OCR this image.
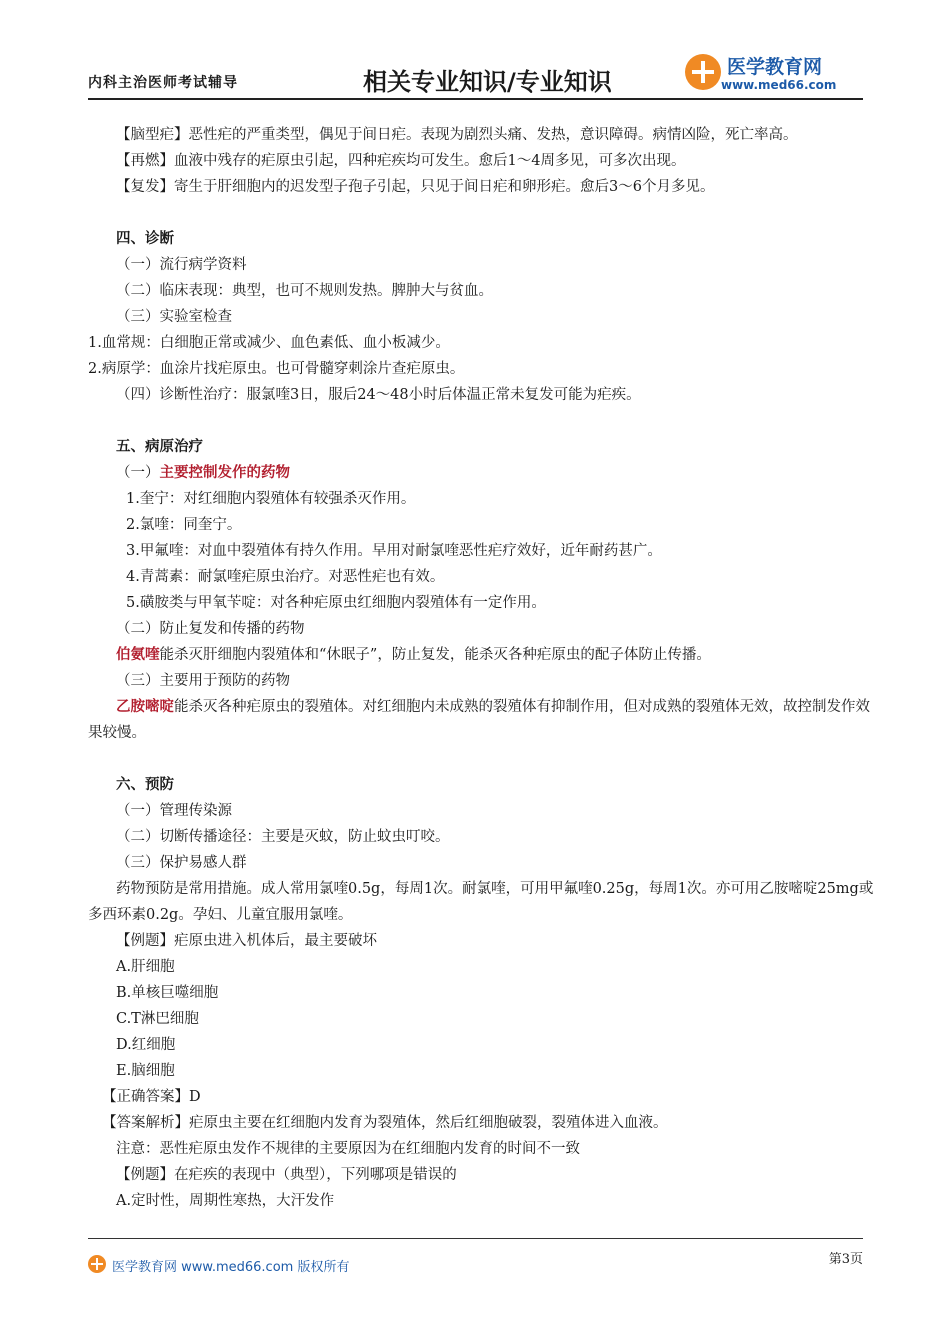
内科主治医师考试辅导	相关专业知识/专业知识
医学教育网
www.med66.com
【脑型疟】恶性疟的严重类型，偶见于间日疟。表现为剧烈头痛、发热，意识障碍。病情凶险，死亡率高。
【再燃】血液中残存的疟原虫引起，四种疟疾均可发生。愈后1～4周多见，可多次出现。
【复发】寄生于肝细胞内的迟发型子孢子引起，只见于间日疟和卵形疟。愈后3～6个月多见。
四、诊断
（一）流行病学资料
（二）临床表现：典型，也可不规则发热。脾肿大与贫血。
（三）实验室检查
1.血常规：白细胞正常或减少、血色素低、血小板减少。
2.病原学：血涂片找疟原虫。也可骨髓穿刺涂片查疟原虫。
（四）诊断性治疗：服氯喹3日，服后24～48小时后体温正常未复发可能为疟疾。
五、病原治疗
（一）主要控制发作的药物
1.奎宁：对红细胞内裂殖体有较强杀灭作用。
2.氯喹：同奎宁。
3.甲氟喹：对血中裂殖体有持久作用。早用对耐氯喹恶性疟疗效好，近年耐药甚广。
4.青蒿素：耐氯喹疟原虫治疗。对恶性疟也有效。
5.磺胺类与甲氧苄啶：对各种疟原虫红细胞内裂殖体有一定作用。
（二）防止复发和传播的药物
伯氨喹能杀灭肝细胞内裂殖体和“休眠子”，防止复发，能杀灭各种疟原虫的配子体防止传播。
（三）主要用于预防的药物
乙胺嘧啶能杀灭各种疟原虫的裂殖体。对红细胞内未成熟的裂殖体有抑制作用，但对成熟的裂殖体无效，故控制发作效果较慢。
六、预防
（一）管理传染源
（二）切断传播途径：主要是灭蚊，防止蚊虫叮咬。
（三）保护易感人群
药物预防是常用措施。成人常用氯喹0.5g，每周1次。耐氯喹，可用甲氟喹0.25g，每周1次。亦可用乙胺嘧啶25mg或多西环素0.2g。孕妇、儿童宜服用氯喹。
【例题】疟原虫进入机体后，最主要破坏
A.肝细胞
B.单核巨噬细胞
C.T淋巴细胞
D.红细胞
E.脑细胞
【正确答案】D
【答案解析】疟原虫主要在红细胞内发育为裂殖体，然后红细胞破裂，裂殖体进入血液。
注意：恶性疟原虫发作不规律的主要原因为在红细胞内发育的时间不一致
【例题】在疟疾的表现中（典型），下列哪项是错误的
A.定时性，周期性寒热，大汗发作
医学教育网 www.med66.com 版权所有
第3页
